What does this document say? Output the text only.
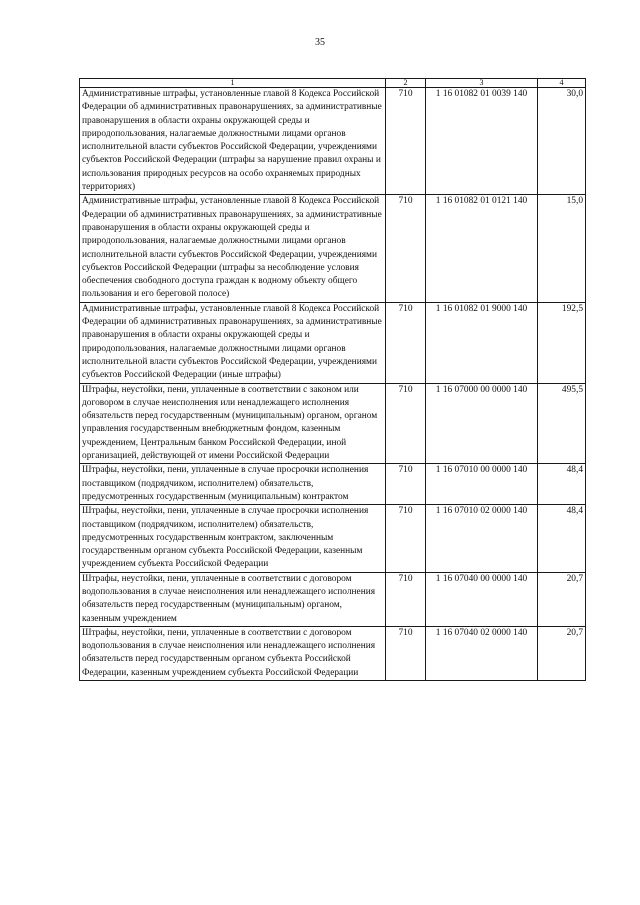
35
1	2	3	4
Административные штрафы, установленные главой 8 Кодекса Российской Федерации об административных правонарушениях, за административные правонарушения в области охраны окружающей среды и природопользования, налагаемые должностными лицами органов исполнительной власти субъектов Российской Федерации, учреждениями субъектов Российской Федерации (штрафы за нарушение правил охраны и использования природных ресурсов на особо охраняемых природных территориях)	710	1 16 01082 01 0039 140	30,0
Административные штрафы, установленные главой 8 Кодекса Российской Федерации об административных правонарушениях, за административные правонарушения в области охраны окружающей среды и природопользования, налагаемые должностными лицами органов исполнительной власти субъектов Российской Федерации, учреждениями субъектов Российской Федерации (штрафы за несоблюдение условия обеспечения свободного доступа граждан к водному объекту общего пользования и его береговой полосе)	710	1 16 01082 01 0121 140	15,0
Административные штрафы, установленные главой 8 Кодекса Российской Федерации об административных правонарушениях, за административные правонарушения в области охраны окружающей среды и природопользования, налагаемые должностными лицами органов исполнительной власти субъектов Российской Федерации, учреждениями субъектов Российской Федерации (иные штрафы)	710	1 16 01082 01 9000 140	192,5
Штрафы, неустойки, пени, уплаченные в соответствии с законом или договором в случае неисполнения или ненадлежащего исполнения обязательств перед государственным (муниципальным) органом, органом управления государственным внебюджетным фондом, казенным учреждением, Центральным банком Российской Федерации, иной организацией, действующей от имени Российской Федерации	710	1 16 07000 00 0000 140	495,5
Штрафы, неустойки, пени, уплаченные в случае просрочки исполнения поставщиком (подрядчиком, исполнителем) обязательств, предусмотренных государственным (муниципальным) контрактом	710	1 16 07010 00 0000 140	48,4
Штрафы, неустойки, пени, уплаченные в случае просрочки исполнения поставщиком (подрядчиком, исполнителем) обязательств, предусмотренных государственным контрактом, заключенным государственным органом субъекта Российской Федерации, казенным учреждением субъекта Российской Федерации	710	1 16 07010 02 0000 140	48,4
Штрафы, неустойки, пени, уплаченные в соответствии с договором водопользования в случае неисполнения или ненадлежащего исполнения обязательств перед государственным (муниципальным) органом, казенным учреждением	710	1 16 07040 00 0000 140	20,7
Штрафы, неустойки, пени, уплаченные в соответствии с договором водопользования в случае неисполнения или ненадлежащего исполнения обязательств перед государственным органом субъекта Российской Федерации, казенным учреждением субъекта Российской Федерации	710	1 16 07040 02 0000 140	20,7
